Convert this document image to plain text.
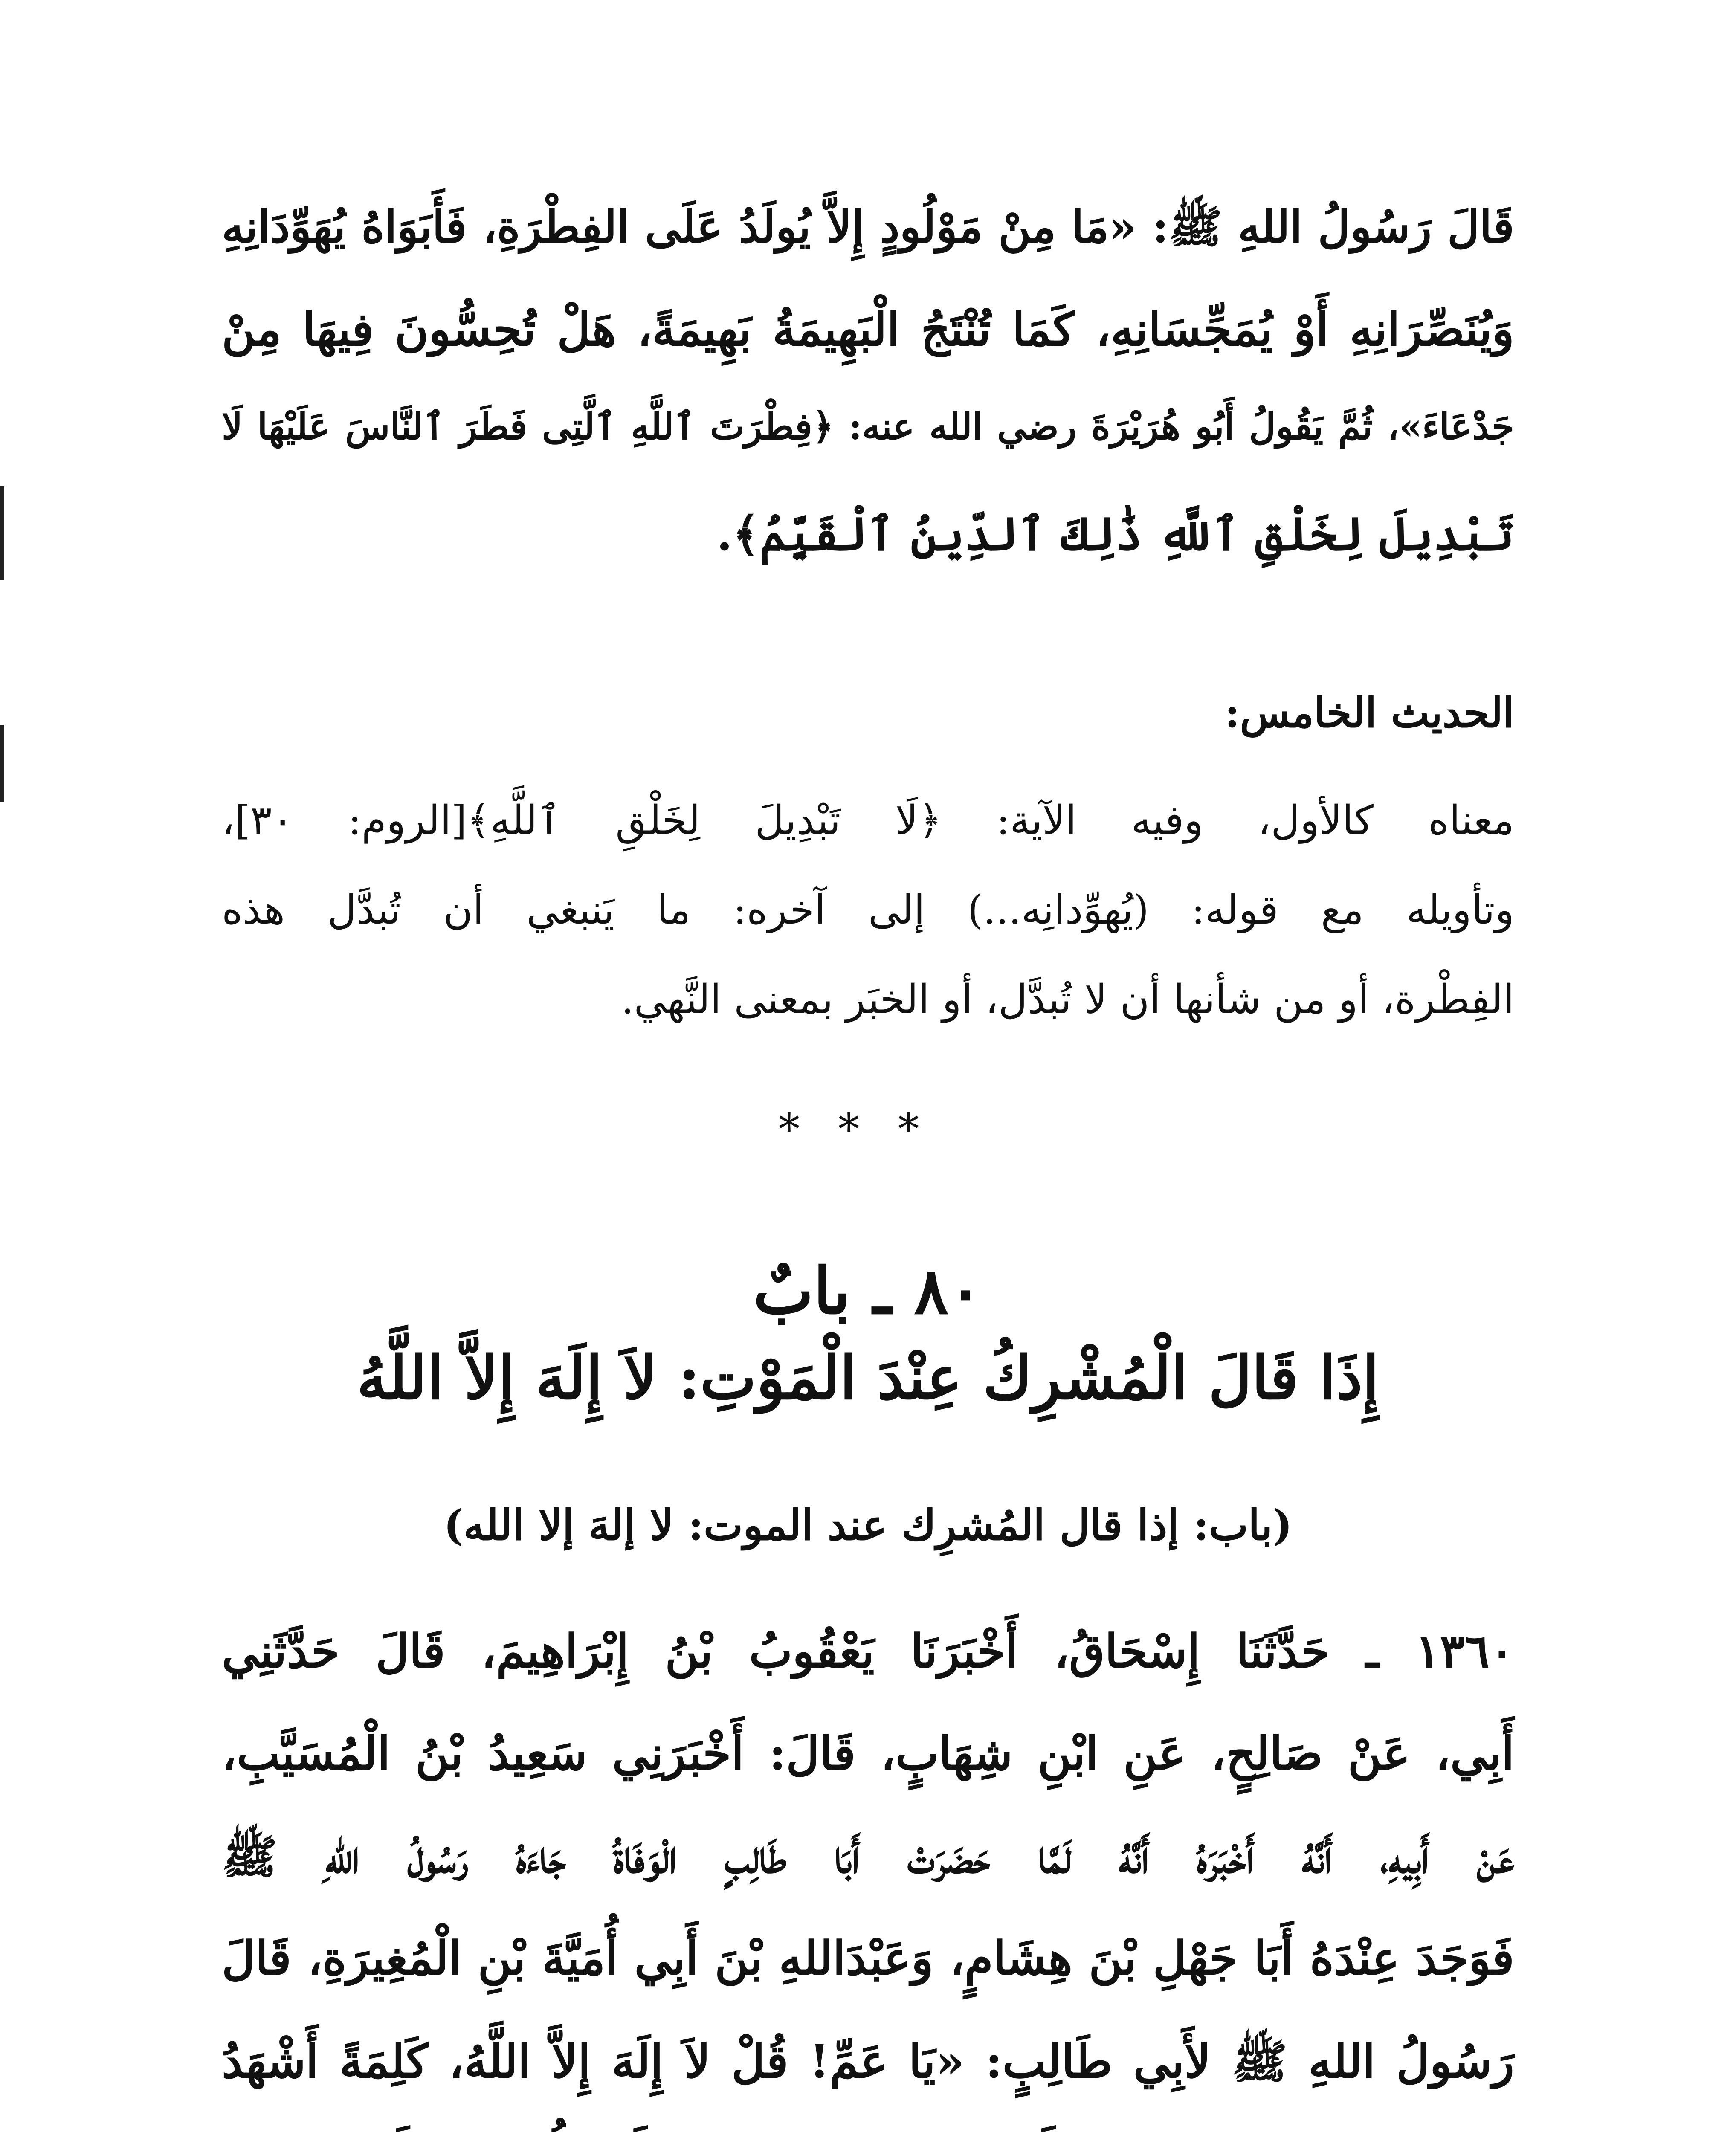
قَالَ رَسُولُ اللهِ ﷺ: «مَا مِنْ مَوْلُودٍ إِلاَّ يُولَدُ عَلَى الفِطْرَةِ، فَأَبَوَاهُ يُهَوِّدَانِهِ
وَيُنَصِّرَانِهِ أَوْ يُمَجِّسَانِهِ، كَمَا تُنْتَجُ الْبَهِيمَةُ بَهِيمَةً، هَلْ تُحِسُّونَ فِيهَا مِنْ
جَدْعَاءَ»، ثُمَّ يَقُولُ أَبُو هُرَيْرَةَ رضي الله عنه: ﴿فِطْرَتَ ٱللَّهِ ٱلَّتِى فَطَرَ ٱلنَّاسَ عَلَيْهَا لَا
تَبْدِيلَ لِخَلْقِ ٱللَّهِ ذَٰلِكَ ٱلدِّينُ ٱلْقَيِّمُ﴾.
الحديث الخامس:
معناه كالأول، وفيه الآية: ﴿لَا تَبْدِيلَ لِخَلْقِ ٱللَّهِ﴾[الروم: ٣٠]،
وتأويله مع قوله: (يُهوِّدانِه...) إلى آخره: ما يَنبغي أن تُبدَّل هذه
الفِطْرة، أو من شأنها أن لا تُبدَّل، أو الخبَر بمعنى النَّهي.
***
٨٠ ـ بابٌ
إِذَا قَالَ الْمُشْرِكُ عِنْدَ الْمَوْتِ: لاَ إِلَهَ إِلاَّ اللَّهُ
(باب: إذا قال المُشرِك عند الموت: لا إلهَ إلا الله)
١٣٦٠ ـ حَدَّثَنَا إِسْحَاقُ، أَخْبَرَنَا يَعْقُوبُ بْنُ إِبْرَاهِيمَ، قَالَ حَدَّثَنِي
أَبِي، عَنْ صَالِحٍ، عَنِ ابْنِ شِهَابٍ، قَالَ: أَخْبَرَنِي سَعِيدُ بْنُ الْمُسَيَّبِ،
عَنْ أَبِيهِ، أَنَّهُ أَخْبَرَهُ أَنَّهُ لَمَّا حَضَرَتْ أَبَا طَالِبٍ الْوَفَاةُ جَاءَهُ رَسُولُ اللهِ ﷺ
فَوَجَدَ عِنْدَهُ أَبَا جَهْلِ بْنَ هِشَامٍ، وَعَبْدَاللهِ بْنَ أَبِي أُمَيَّةَ بْنِ الْمُغِيرَةِ، قَالَ
رَسُولُ اللهِ ﷺ لأَبِي طَالِبٍ: «يَا عَمِّ! قُلْ لاَ إِلَهَ إِلاَّ اللَّهُ، كَلِمَةً أَشْهَدُ
